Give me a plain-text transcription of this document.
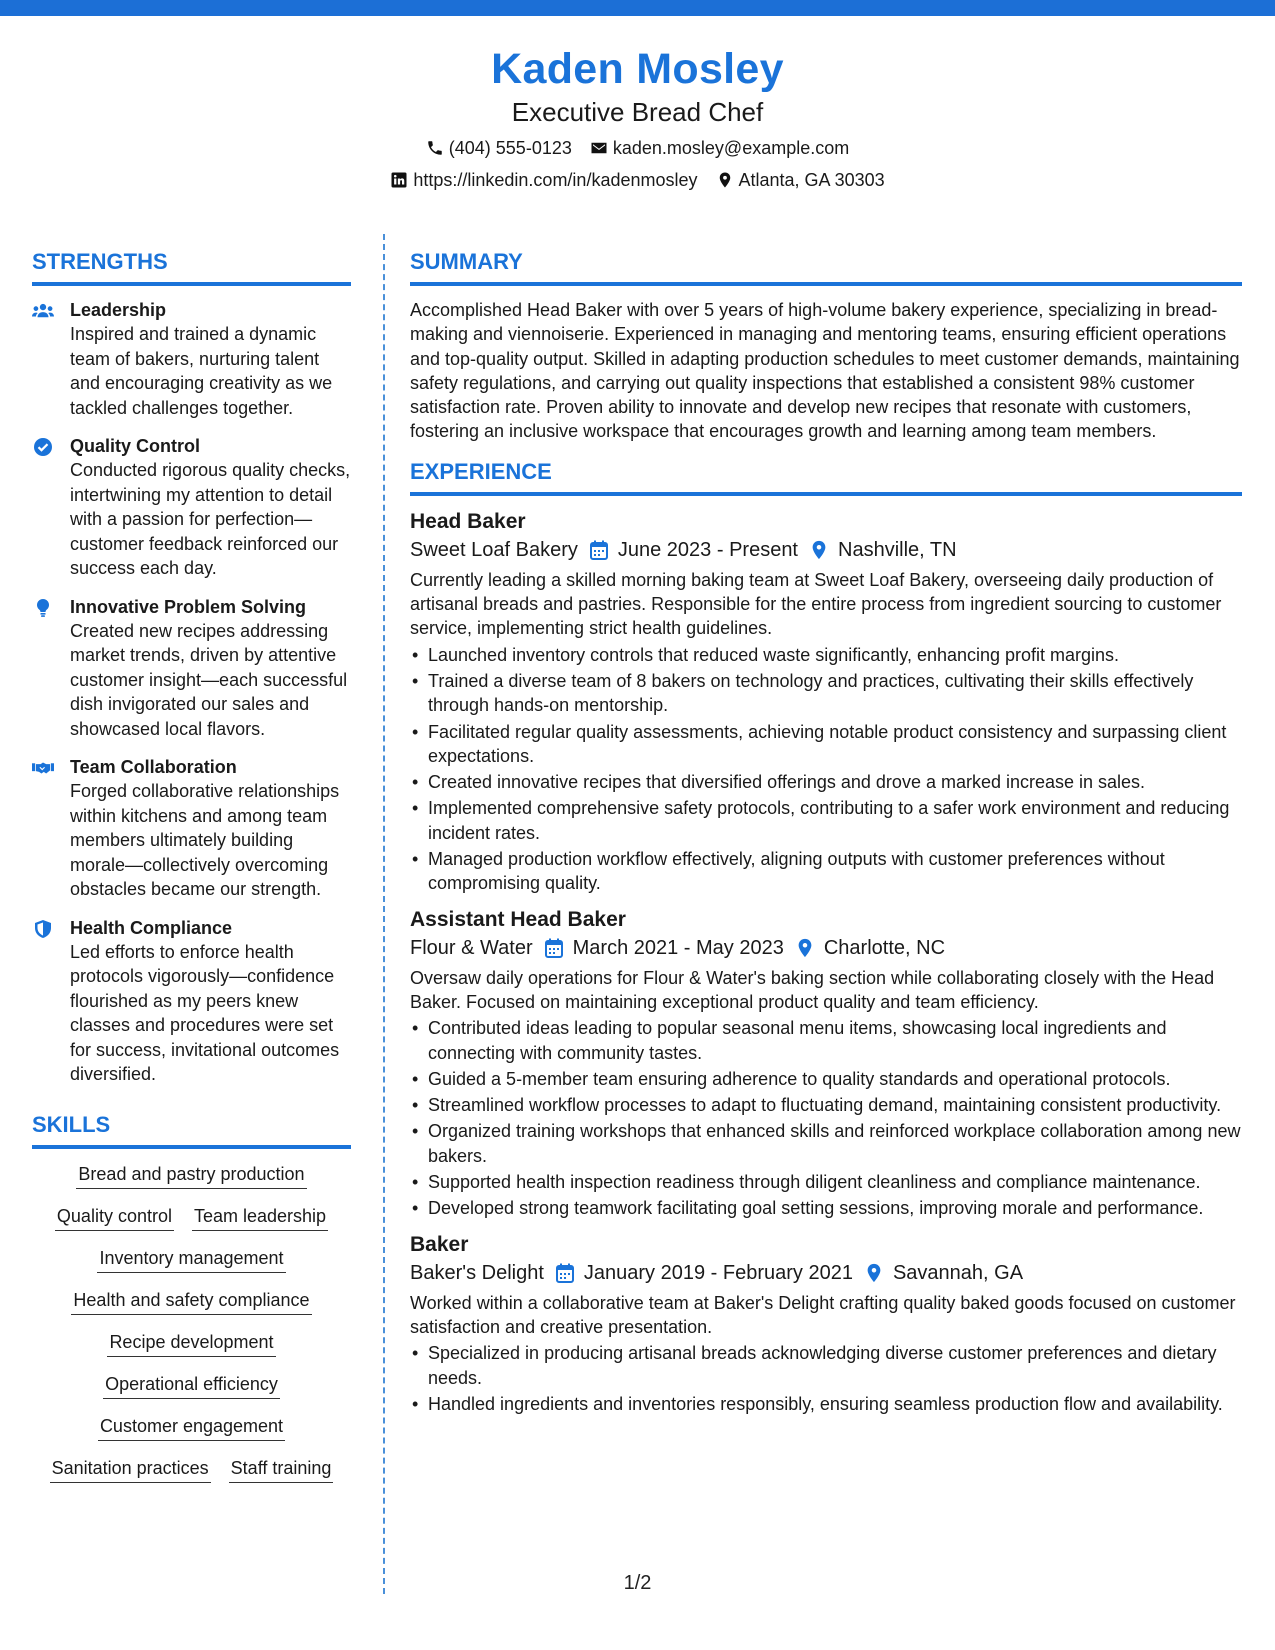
Kaden Mosley
Executive Bread Chef
(404) 555-0123 kaden.mosley@example.com
https://linkedin.com/in/kadenmosley Atlanta, GA 30303
STRENGTHS
Leadership
Inspired and trained a dynamic team of bakers, nurturing talent and encouraging creativity as we tackled challenges together.
Quality Control
Conducted rigorous quality checks, intertwining my attention to detail with a passion for perfection—customer feedback reinforced our success each day.
Innovative Problem Solving
Created new recipes addressing market trends, driven by attentive customer insight—each successful dish invigorated our sales and showcased local flavors.
Team Collaboration
Forged collaborative relationships within kitchens and among team members ultimately building morale—collectively overcoming obstacles became our strength.
Health Compliance
Led efforts to enforce health protocols vigorously—confidence flourished as my peers knew classes and procedures were set for success, invitational outcomes diversified.
SKILLS
Bread and pastry production
Quality control Team leadership
Inventory management
Health and safety compliance
Recipe development
Operational efficiency
Customer engagement
Sanitation practices Staff training
SUMMARY
Accomplished Head Baker with over 5 years of high-volume bakery experience, specializing in bread-making and viennoiserie. Experienced in managing and mentoring teams, ensuring efficient operations and top-quality output. Skilled in adapting production schedules to meet customer demands, maintaining safety regulations, and carrying out quality inspections that established a consistent 98% customer satisfaction rate. Proven ability to innovate and develop new recipes that resonate with customers, fostering an inclusive workspace that encourages growth and learning among team members.
EXPERIENCE
Head Baker
Sweet Loaf Bakery June 2023 - Present Nashville, TN
Currently leading a skilled morning baking team at Sweet Loaf Bakery, overseeing daily production of artisanal breads and pastries. Responsible for the entire process from ingredient sourcing to customer service, implementing strict health guidelines.
• Launched inventory controls that reduced waste significantly, enhancing profit margins.
• Trained a diverse team of 8 bakers on technology and practices, cultivating their skills effectively through hands-on mentorship.
• Facilitated regular quality assessments, achieving notable product consistency and surpassing client expectations.
• Created innovative recipes that diversified offerings and drove a marked increase in sales.
• Implemented comprehensive safety protocols, contributing to a safer work environment and reducing incident rates.
• Managed production workflow effectively, aligning outputs with customer preferences without compromising quality.
Assistant Head Baker
Flour & Water March 2021 - May 2023 Charlotte, NC
Oversaw daily operations for Flour & Water's baking section while collaborating closely with the Head Baker. Focused on maintaining exceptional product quality and team efficiency.
• Contributed ideas leading to popular seasonal menu items, showcasing local ingredients and connecting with community tastes.
• Guided a 5-member team ensuring adherence to quality standards and operational protocols.
• Streamlined workflow processes to adapt to fluctuating demand, maintaining consistent productivity.
• Organized training workshops that enhanced skills and reinforced workplace collaboration among new bakers.
• Supported health inspection readiness through diligent cleanliness and compliance maintenance.
• Developed strong teamwork facilitating goal setting sessions, improving morale and performance.
Baker
Baker's Delight January 2019 - February 2021 Savannah, GA
Worked within a collaborative team at Baker's Delight crafting quality baked goods focused on customer satisfaction and creative presentation.
• Specialized in producing artisanal breads acknowledging diverse customer preferences and dietary needs.
• Handled ingredients and inventories responsibly, ensuring seamless production flow and availability.
1/2
